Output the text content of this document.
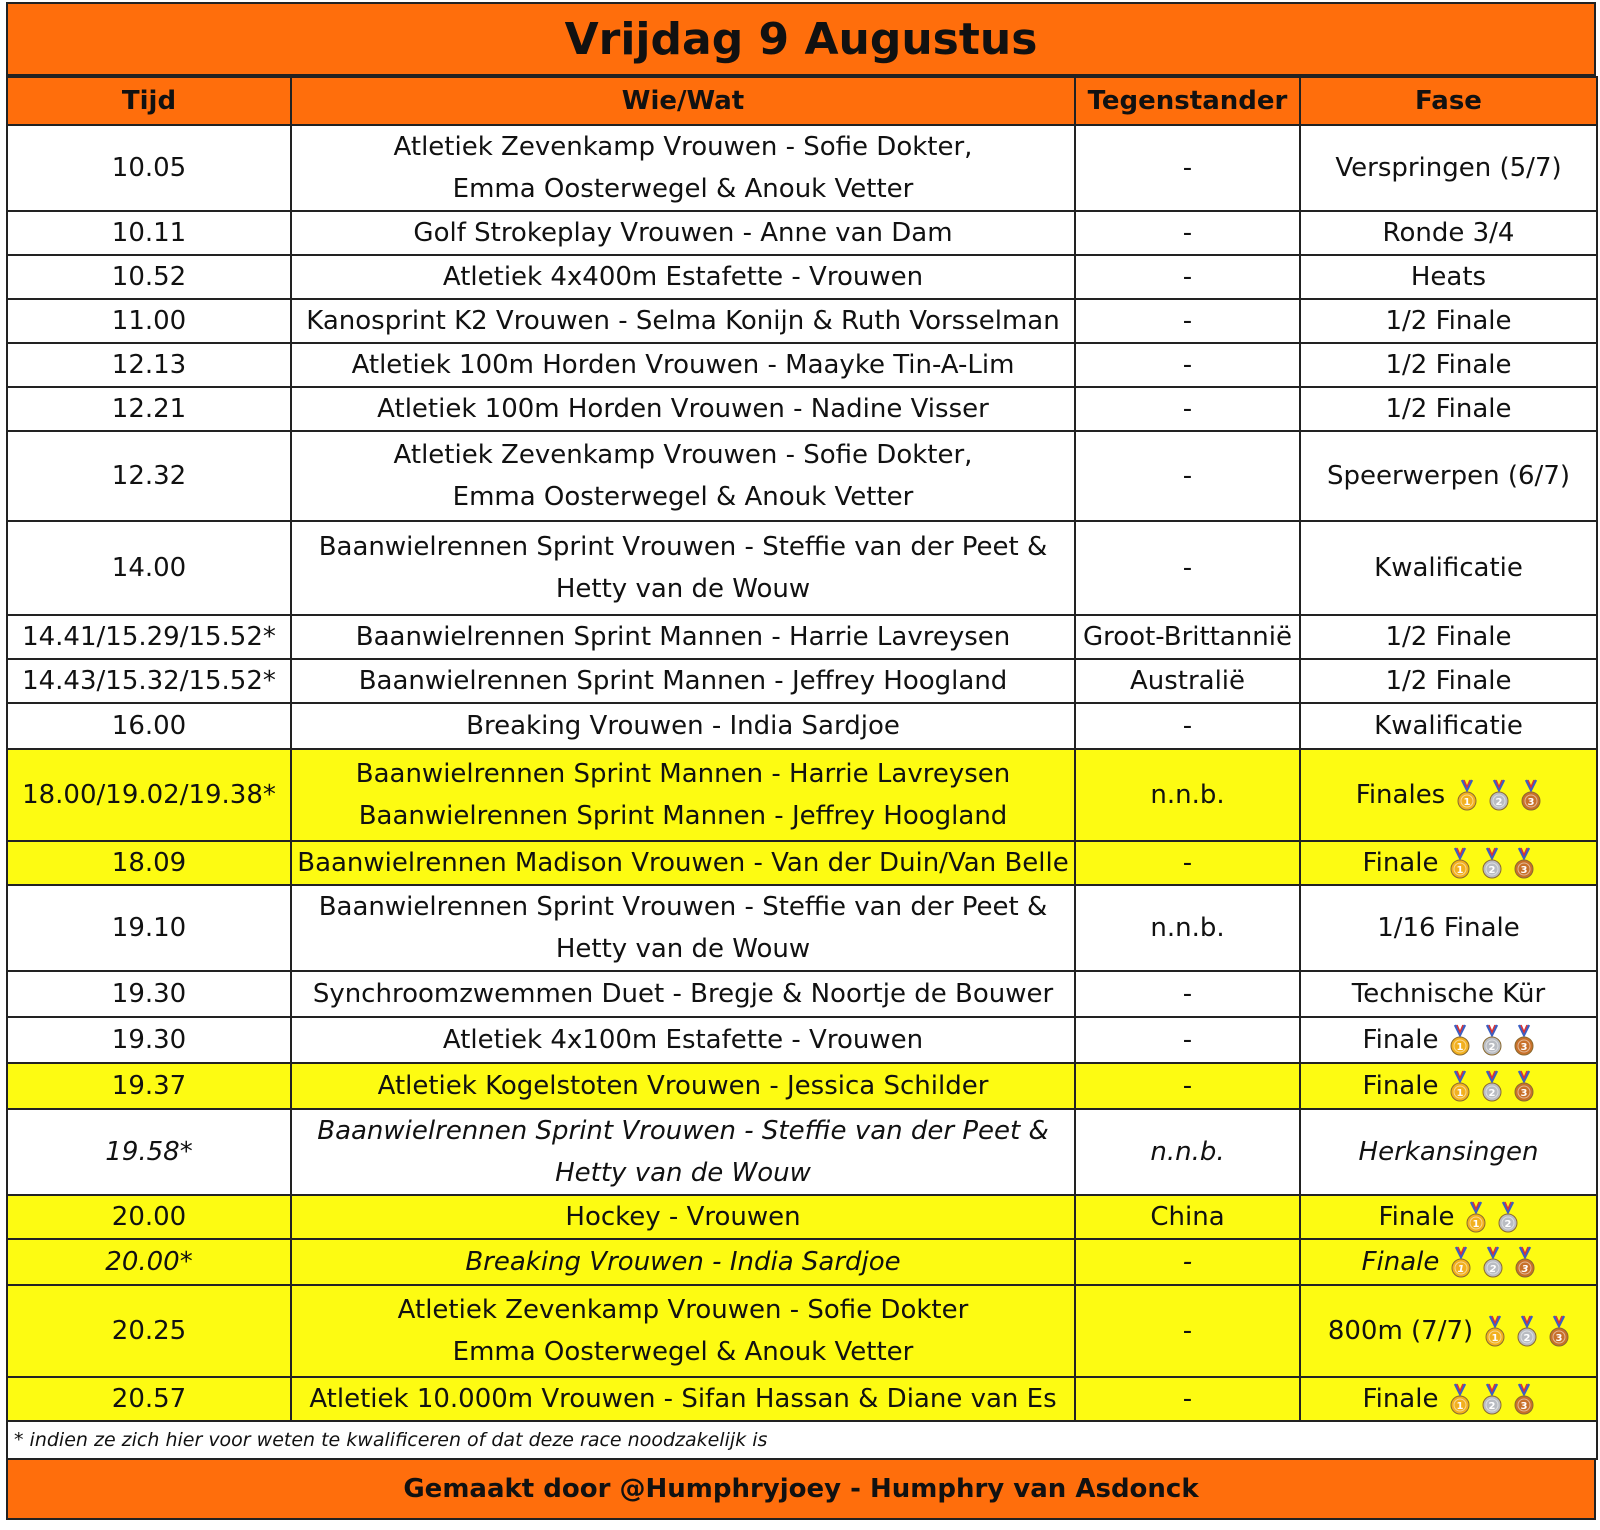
Vrijdag 9 Augustus
Tijd	Wie/Wat	Tegenstander	Fase
10.05	Atletiek Zevenkamp Vrouwen - Sofie Dokter,
Emma Oosterwegel & Anouk Vetter	-	Verspringen (5/7)
10.11	Golf Strokeplay Vrouwen - Anne van Dam	-	Ronde 3/4
10.52	Atletiek 4x400m Estafette - Vrouwen	-	Heats
11.00	Kanosprint K2 Vrouwen - Selma Konijn & Ruth Vorsselman	-	1/2 Finale
12.13	Atletiek 100m Horden Vrouwen - Maayke Tin-A-Lim	-	1/2 Finale
12.21	Atletiek 100m Horden Vrouwen - Nadine Visser	-	1/2 Finale
12.32	Atletiek Zevenkamp Vrouwen - Sofie Dokter,
Emma Oosterwegel & Anouk Vetter	-	Speerwerpen (6/7)
14.00	Baanwielrennen Sprint Vrouwen - Steffie van der Peet &
Hetty van de Wouw	-	Kwalificatie
14.41/15.29/15.52*	Baanwielrennen Sprint Mannen - Harrie Lavreysen	Groot-Brittannië	1/2 Finale
14.43/15.32/15.52*	Baanwielrennen Sprint Mannen - Jeffrey Hoogland	Australië	1/2 Finale
16.00	Breaking Vrouwen - India Sardjoe	-	Kwalificatie
18.00/19.02/19.38*	Baanwielrennen Sprint Mannen - Harrie Lavreysen
Baanwielrennen Sprint Mannen - Jeffrey Hoogland	n.n.b.	Finales 1 2 3

18.09	Baanwielrennen Madison Vrouwen - Van der Duin/Van Belle	-	Finale 1 2 3

19.10	Baanwielrennen Sprint Vrouwen - Steffie van der Peet &
Hetty van de Wouw	n.n.b.	1/16 Finale
19.30	Synchroomzwemmen Duet - Bregje & Noortje de Bouwer	-	Technische Kür
19.30	Atletiek 4x100m Estafette - Vrouwen	-	Finale 1 2 3

19.37	Atletiek Kogelstoten Vrouwen - Jessica Schilder	-	Finale 1 2 3

19.58*	Baanwielrennen Sprint Vrouwen - Steffie van der Peet &
Hetty van de Wouw	n.n.b.	Herkansingen
20.00	Hockey - Vrouwen	China	Finale 1 2

20.00*	Breaking Vrouwen - India Sardjoe	-	Finale 1 2 3

20.25	Atletiek Zevenkamp Vrouwen - Sofie Dokter
Emma Oosterwegel & Anouk Vetter	-	800m (7/7) 1 2 3

20.57	Atletiek 10.000m Vrouwen - Sifan Hassan & Diane van Es	-	Finale 1 2 3

* indien ze zich hier voor weten te kwalificeren of dat deze race noodzakelijk is			
Gemaakt door @Humphryjoey - Humphry van Asdonck
